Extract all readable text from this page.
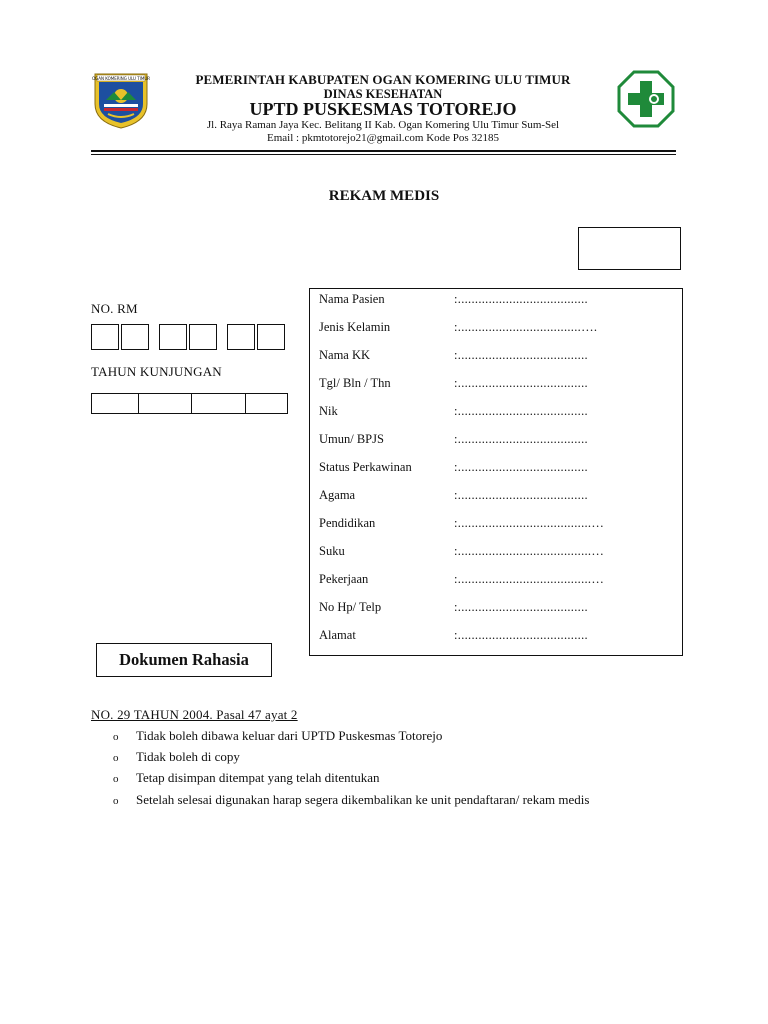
OGAN KOMERING ULU TIMUR	PEMERINTAH KABUPATEN OGAN KOMERING ULU TIMUR
DINAS KESEHATAN
UPTD PUSKESMAS TOTOREJO
Jl. Raya Raman Jaya Kec. Belitang II Kab. Ogan Komering Ulu Timur Sum-Sel
Email : pkmtotorejo21@gmail.com Kode Pos 32185
REKAM MEDIS
NO. RM
TAHUN KUNJUNGAN
Nama Pasien	:......................................
Jenis Kelamin	:....................................….
Nama KK	:......................................
Tgl/ Bln / Thn	:......................................
Nik	:......................................
Umun/ BPJS	:......................................
Status Perkawinan	:......................................
Agama	:......................................
Pendidikan	:.......................................…
Suku	:.......................................…
Pekerjaan	:.......................................…
No Hp/ Telp	:......................................
Alamat	:......................................
Dokumen Rahasia
NO. 29 TAHUN 2004. Pasal 47 ayat 2
o Tidak boleh dibawa keluar dari UPTD Puskesmas Totorejo
o Tidak boleh di copy
o Tetap disimpan ditempat yang telah ditentukan
o Setelah selesai digunakan harap segera dikembalikan ke unit pendaftaran/ rekam medis
